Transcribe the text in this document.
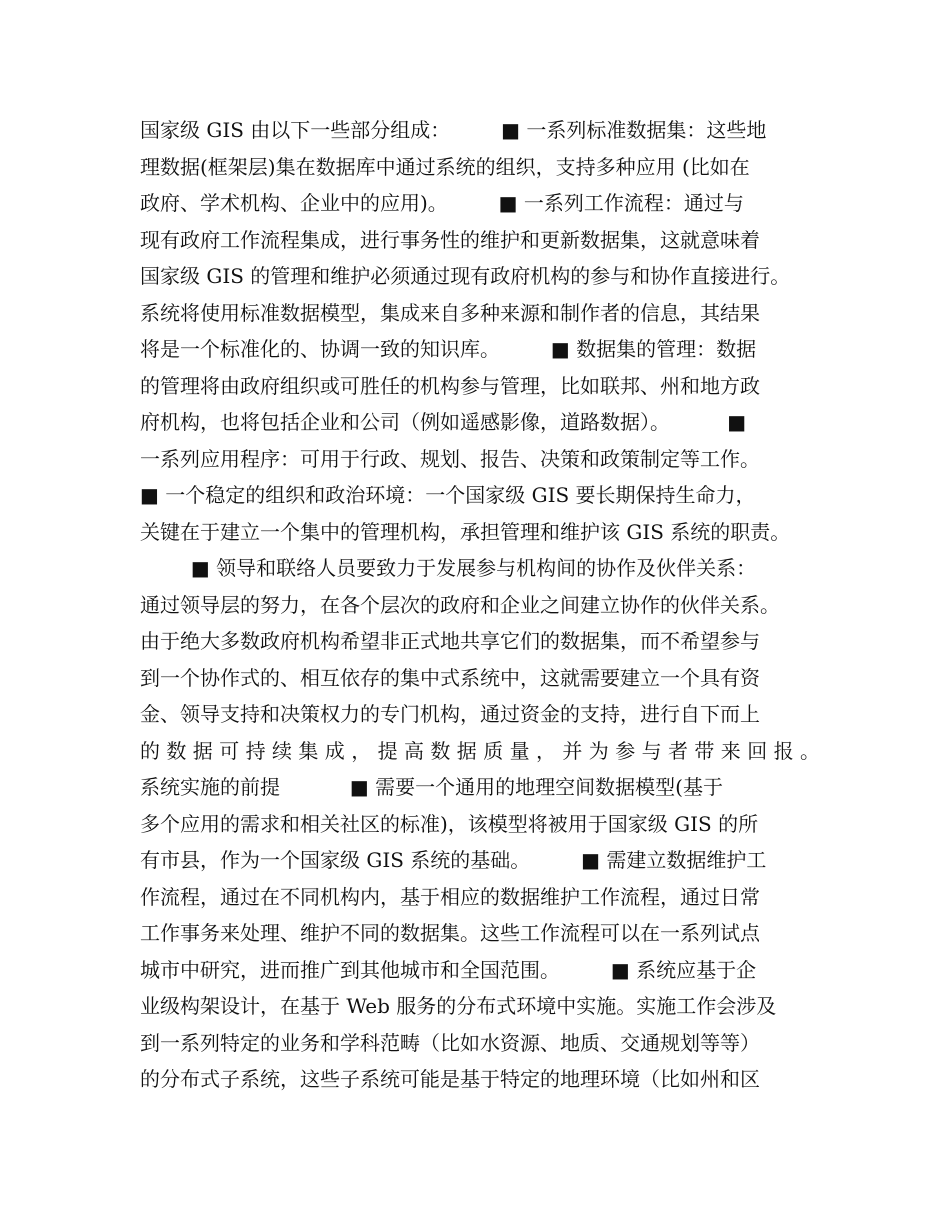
国家级 GIS 由以下一些部分组成：        ■ 一系列标准数据集：这些地
理数据(框架层)集在数据库中通过系统的组织，支持多种应用 (比如在
政府、学术机构、企业中的应用)。        ■ 一系列工作流程：通过与
现有政府工作流程集成，进行事务性的维护和更新数据集，这就意味着
国家级 GIS 的管理和维护必须通过现有政府机构的参与和协作直接进行。
系统将使用标准数据模型，集成来自多种来源和制作者的信息，其结果
将是一个标准化的、协调一致的知识库。        ■ 数据集的管理：数据
的管理将由政府组织或可胜任的机构参与管理，比如联邦、州和地方政
府机构，也将包括企业和公司（例如遥感影像，道路数据）。         ■
一系列应用程序：可用于行政、规划、报告、决策和政策制定等工作。
■ 一个稳定的组织和政治环境：一个国家级 GIS 要长期保持生命力，
关键在于建立一个集中的管理机构，承担管理和维护该 GIS 系统的职责。
■ 领导和联络人员要致力于发展参与机构间的协作及伙伴关系：
通过领导层的努力，在各个层次的政府和企业之间建立协作的伙伴关系。
由于绝大多数政府机构希望非正式地共享它们的数据集，而不希望参与
到一个协作式的、相互依存的集中式系统中，这就需要建立一个具有资
金、领导支持和决策权力的专门机构，通过资金的支持，进行自下而上
的数据可持续集成，提高数据质量，并为参与者带来回报。
系统实施的前提           ■ 需要一个通用的地理空间数据模型(基于
多个应用的需求和相关社区的标准)，该模型将被用于国家级 GIS 的所
有市县，作为一个国家级 GIS 系统的基础。        ■ 需建立数据维护工
作流程，通过在不同机构内，基于相应的数据维护工作流程，通过日常
工作事务来处理、维护不同的数据集。这些工作流程可以在一系列试点
城市中研究，进而推广到其他城市和全国范围。        ■ 系统应基于企
业级构架设计，在基于 Web 服务的分布式环境中实施。实施工作会涉及
到一系列特定的业务和学科范畴（比如水资源、地质、交通规划等等）
的分布式子系统，这些子系统可能是基于特定的地理环境（比如州和区
